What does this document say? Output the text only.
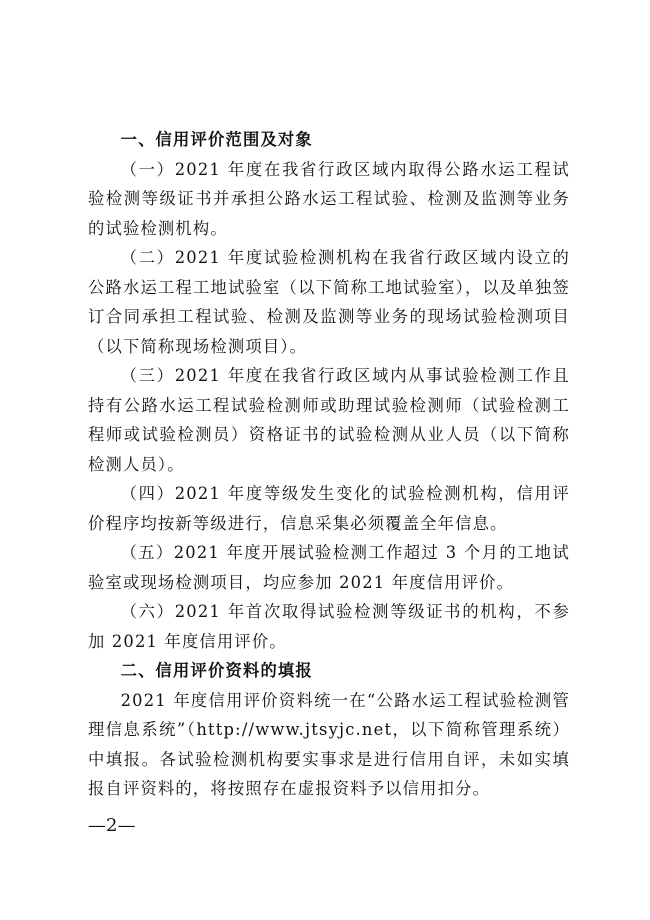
一、信用评价范围及对象

（一）2021 年度在我省行政区域内取得公路水运工程试验检测等级证书并承担公路水运工程试验、检测及监测等业务的试验检测机构。

（二）2021 年度试验检测机构在我省行政区域内设立的公路水运工程工地试验室（以下简称工地试验室），以及单独签订合同承担工程试验、检测及监测等业务的现场试验检测项目（以下简称现场检测项目）。

（三）2021 年度在我省行政区域内从事试验检测工作且持有公路水运工程试验检测师或助理试验检测师（试验检测工程师或试验检测员）资格证书的试验检测从业人员（以下简称检测人员）。

（四）2021 年度等级发生变化的试验检测机构，信用评价程序均按新等级进行，信息采集必须覆盖全年信息。

（五）2021 年度开展试验检测工作超过 3 个月的工地试验室或现场检测项目，均应参加 2021 年度信用评价。

（六）2021 年首次取得试验检测等级证书的机构，不参加 2021 年度信用评价。

二、信用评价资料的填报

2021 年度信用评价资料统一在“公路水运工程试验检测管理信息系统”（http://www.jtsyjc.net，以下简称管理系统）中填报。各试验检测机构要实事求是进行信用自评，未如实填报自评资料的，将按照存在虚报资料予以信用扣分。

—2—
